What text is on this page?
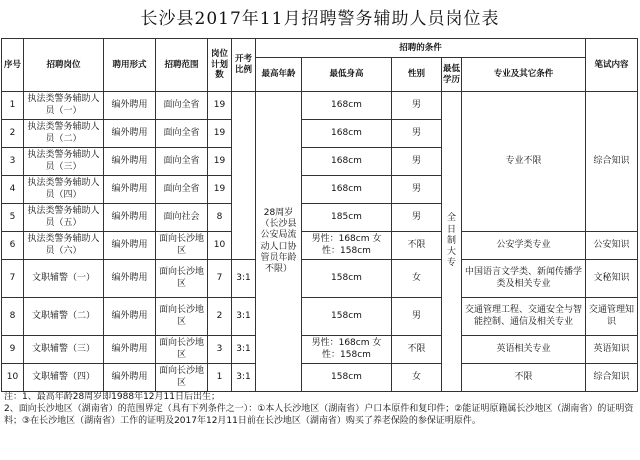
长沙县2017年11月招聘警务辅助人员岗位表
序号	招聘岗位	聘用形式	招聘范围	岗位计划数	开考比例	招聘的条件					笔试内容
						最高年龄	最低身高	性别	最低学历	专业及其它条件	
1	执法类警务辅助人员（一）	编外聘用	面向全省	19		28周岁（长沙县公安局流动人口协管员年龄不限）	168cm	男	全日制大专	专业不限	综合知识
2	执法类警务辅助人员（二）	编外聘用	面向全省	19			168cm	男			
3	执法类警务辅助人员（三）	编外聘用	面向全省	19			168cm	男			
4	执法类警务辅助人员（四）	编外聘用	面向全省	19			168cm	男			
5	执法类警务辅助人员（五）	编外聘用	面向社会	8			185cm	男			
6	执法类警务辅助人员（六）	编外聘用	面向长沙地区	10			男性：168cm 女性：158cm	不限		公安学类专业	公安知识
7	文职辅警（一）	编外聘用	面向长沙地区	7	3:1		158cm	女		中国语言文学类、新闻传播学类及相关专业	文秘知识
8	文职辅警（二）	编外聘用	面向长沙地区	2	3:1		158cm	男		交通管理工程、交通安全与智能控制、通信及相关专业	交通管理知识
9	文职辅警（三）	编外聘用	面向长沙地区	3	3:1		男性：168cm 女性：158cm	不限		英语相关专业	英语知识
10	文职辅警（四）	编外聘用	面向长沙地区	1	3:1		158cm	女		不限	综合知识
注：1、最高年龄28周岁即1988年12月11日后出生；
2、面向长沙地区（湖南省）的范围界定（具有下列条件之一）：①本人长沙地区（湖南省）户口本原件和复印件；②能证明原籍属长沙地区（湖南省）的证明资料；③在长沙地区（湖南省）工作的证明及2017年12月11日前在长沙地区（湖南省）购买了养老保险的参保证明原件。
